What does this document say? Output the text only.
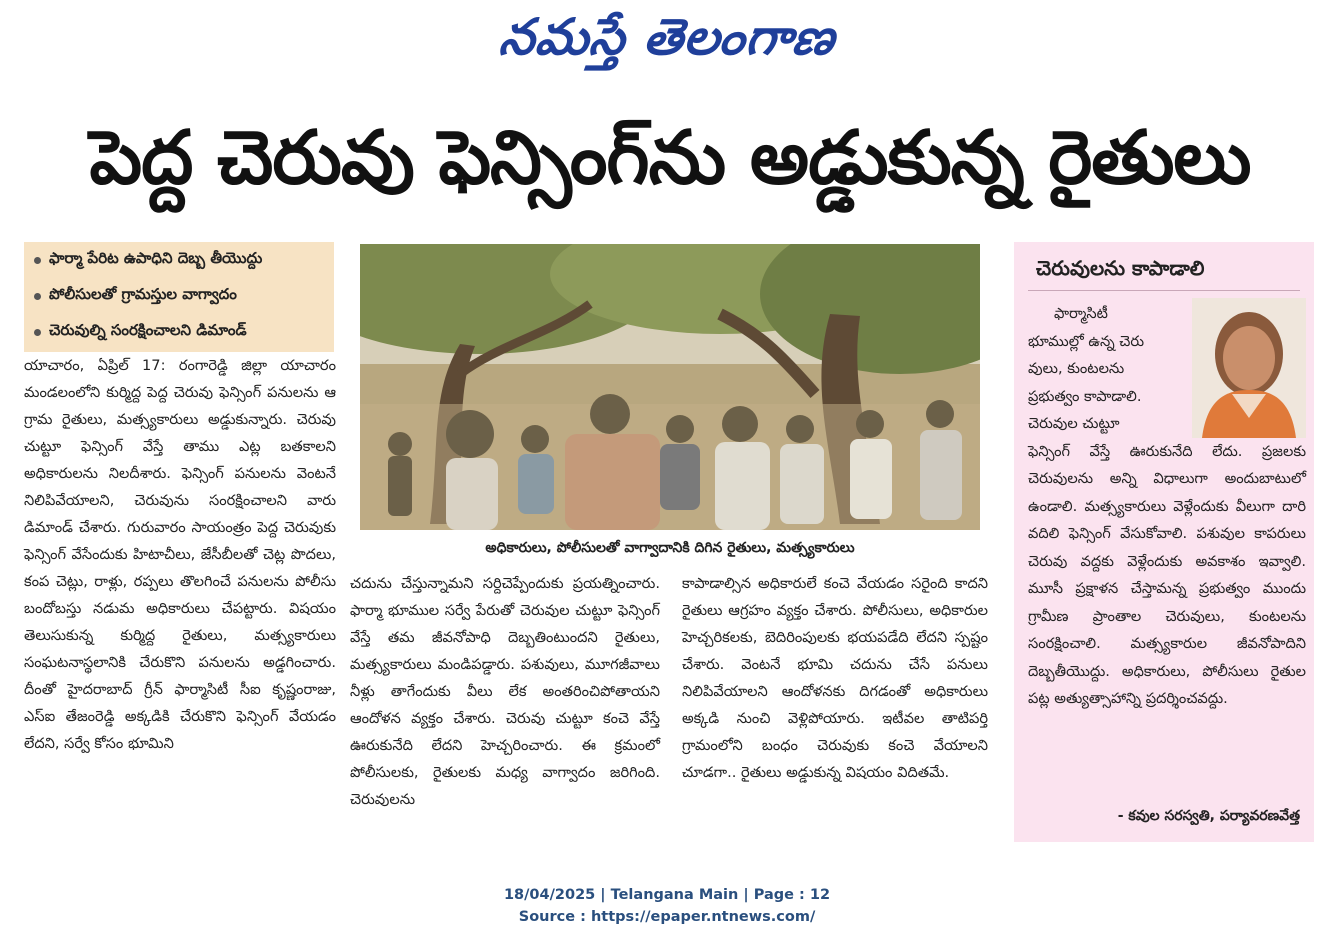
నమస్తే తెలంగాణ
పెద్ద చెరువు ఫెన్సింగ్‌ను అడ్డుకున్న రైతులు
ఫార్మా పేరిట ఉపాధిని దెబ్బ తీయొద్దు
పోలీసులతో గ్రామస్తుల వాగ్వాదం
చెరువుల్ని సంరక్షించాలని డిమాండ్
అధికారులు, పోలీసులతో వాగ్వాదానికి దిగిన రైతులు, మత్స్యకారులు
యాచారం, ఏప్రిల్ 17: రంగారెడ్డి జిల్లా యాచారం మండలంలోని కుర్మిద్ద పెద్ద చెరువు ఫెన్సింగ్ పనులను ఆ గ్రామ రైతులు, మత్స్యకారులు అడ్డుకున్నారు. చెరువు చుట్టూ ఫెన్సింగ్ వేస్తే తాము ఎట్ల బతకాలని అధికారులను నిలదీశారు. ఫెన్సింగ్ పనులను వెంటనే నిలిపివేయాలని, చెరువును సంరక్షించాలని వారు డిమాండ్ చేశారు. గురువారం సాయంత్రం పెద్ద చెరువుకు ఫెన్సింగ్ వేసేందుకు హిటాచీలు, జేసీబీలతో చెట్ల పొదలు, కంప చెట్లు, రాళ్లు, రప్పలు తొలగించే పనులను పోలీసు బందోబస్తు నడుమ అధికారులు చేపట్టారు. విషయం తెలుసుకున్న కుర్మిద్ద రైతులు, మత్స్యకారులు సంఘటనాస్థలానికి చేరుకొని పనులను అడ్డగించారు. దీంతో హైదరాబాద్ గ్రీన్ ఫార్మాసిటీ సీఐ కృష్ణంరాజు, ఎస్ఐ తేజంరెడ్డి అక్కడికి చేరుకొని ఫెన్సింగ్ వేయడం లేదని, సర్వే కోసం భూమిని
చదును చేస్తున్నామని సర్దిచెప్పేందుకు ప్రయత్నించారు. ఫార్మా భూముల సర్వే పేరుతో చెరువుల చుట్టూ ఫెన్సింగ్ వేస్తే తమ జీవనోపాధి దెబ్బతింటుందని రైతులు, మత్స్యకారులు మండిపడ్డారు. పశువులు, మూగజీవాలు నీళ్లు తాగేందుకు వీలు లేక అంతరించిపోతాయని ఆందోళన వ్యక్తం చేశారు. చెరువు చుట్టూ కంచె వేస్తే ఊరుకునేది లేదని హెచ్చరించారు. ఈ క్రమంలో పోలీసులకు, రైతులకు మధ్య వాగ్వాదం జరిగింది. చెరువులను
కాపాడాల్సిన అధికారులే కంచె వేయడం సరైంది కాదని రైతులు ఆగ్రహం వ్యక్తం చేశారు. పోలీసులు, అధికారుల హెచ్చరికలకు, బెదిరింపులకు భయపడేది లేదని స్పష్టం చేశారు. వెంటనే భూమి చదును చేసే పనులు నిలిపివేయాలని ఆందోళనకు దిగడంతో అధికారులు అక్కడి నుంచి వెళ్లిపోయారు. ఇటీవల తాటిపర్తి గ్రామంలోని బంధం చెరువుకు కంచె వేయాలని చూడగా.. రైతులు అడ్డుకున్న విషయం విదితమే.
చెరువులను కాపాడాలి
ఫార్మాసిటీ
భూముల్లో ఉన్న చెరు
వులు, కుంటలను
ప్రభుత్వం కాపాడాలి.
చెరువుల చుట్టూ
ఫెన్సింగ్ వేస్తే ఊరుకునేది లేదు. ప్రజలకు చెరువులను అన్ని విధాలుగా అందుబాటులో ఉండాలి. మత్స్యకారులు వెళ్లేందుకు వీలుగా దారి వదిలి ఫెన్సింగ్ వేసుకోవాలి. పశువుల కాపరులు చెరువు వద్దకు వెళ్లేందుకు అవకాశం ఇవ్వాలి. మూసీ ప్రక్షాళన చేస్తామన్న ప్రభుత్వం ముందు గ్రామీణ ప్రాంతాల చెరువులు, కుంటలను సంరక్షించాలి. మత్స్యకారుల జీవనోపాదిని దెబ్బతీయొద్దు. అధికారులు, పోలీసులు రైతుల పట్ల అత్యుత్సాహాన్ని ప్రదర్శించవద్దు.
- కవుల సరస్వతి, పర్యావరణవేత్త
18/04/2025 | Telangana Main | Page : 12
Source : https://epaper.ntnews.com/
